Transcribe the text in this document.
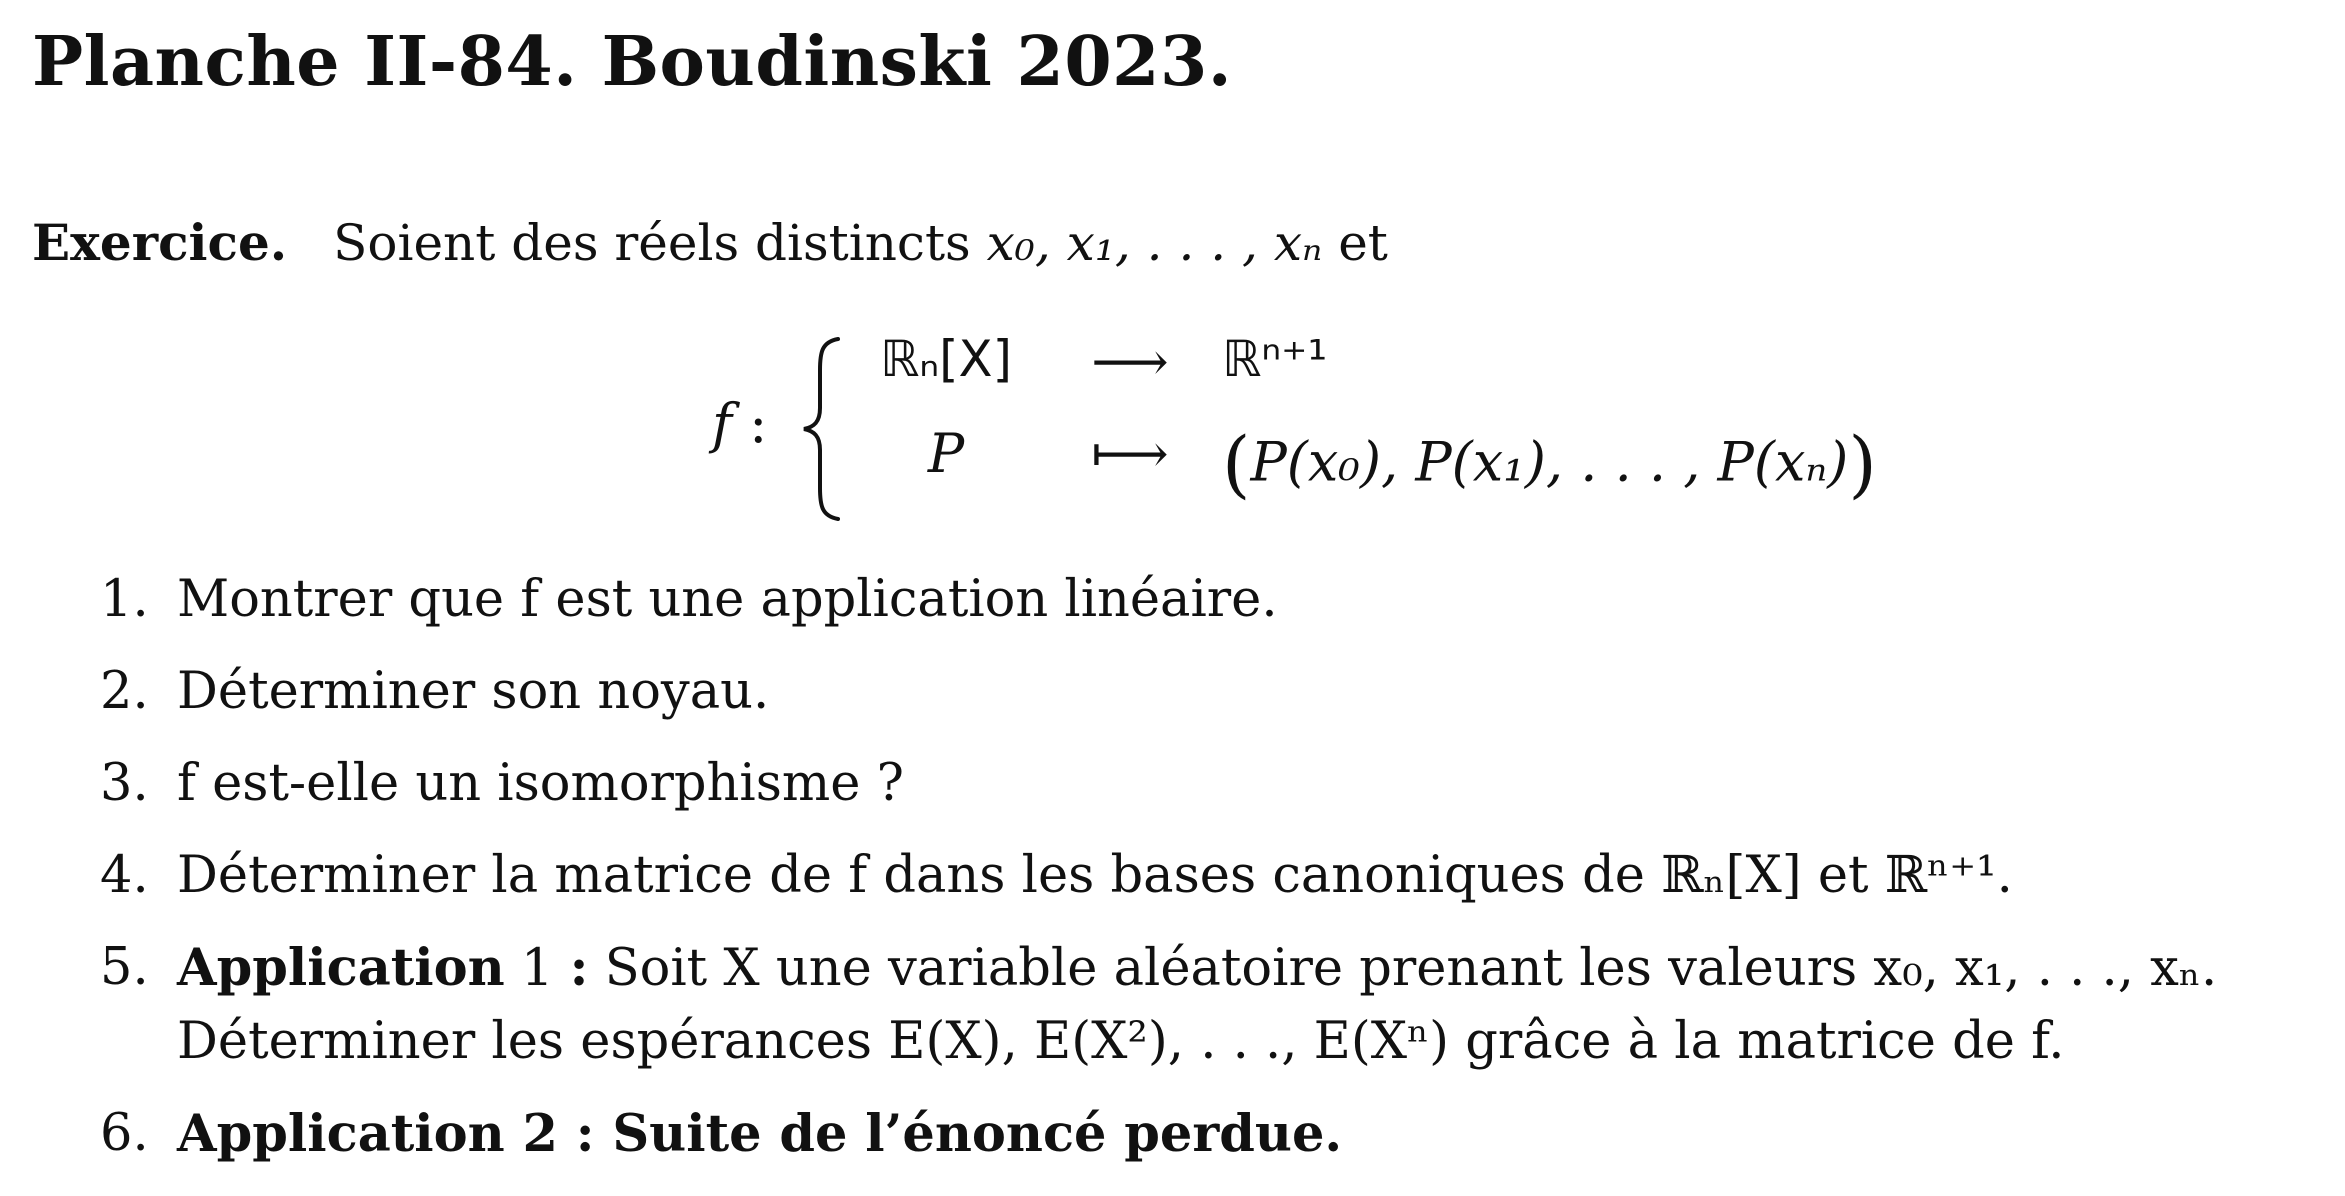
Planche II-84. Boudinski 2023.
Exercice. Soient des réels distincts x₀, x₁, . . . , xₙ et
f :
ℝₙ[X] ⟶ ℝⁿ⁺¹
P	⟼ (P(x₀), P(x₁), . . . , P(xₙ))
1. Montrer que f est une application linéaire.
2. Déterminer son noyau.
3. f est-elle un isomorphisme ?
4. Déterminer la matrice de f dans les bases canoniques de ℝₙ[X] et ℝⁿ⁺¹.
5. Application 1 : Soit X une variable aléatoire prenant les valeurs x₀, x₁, . . ., xₙ.
Déterminer les espérances E(X), E(X²), . . ., E(Xⁿ) grâce à la matrice de f.
6. Application 2 : Suite de l’énoncé perdue.
